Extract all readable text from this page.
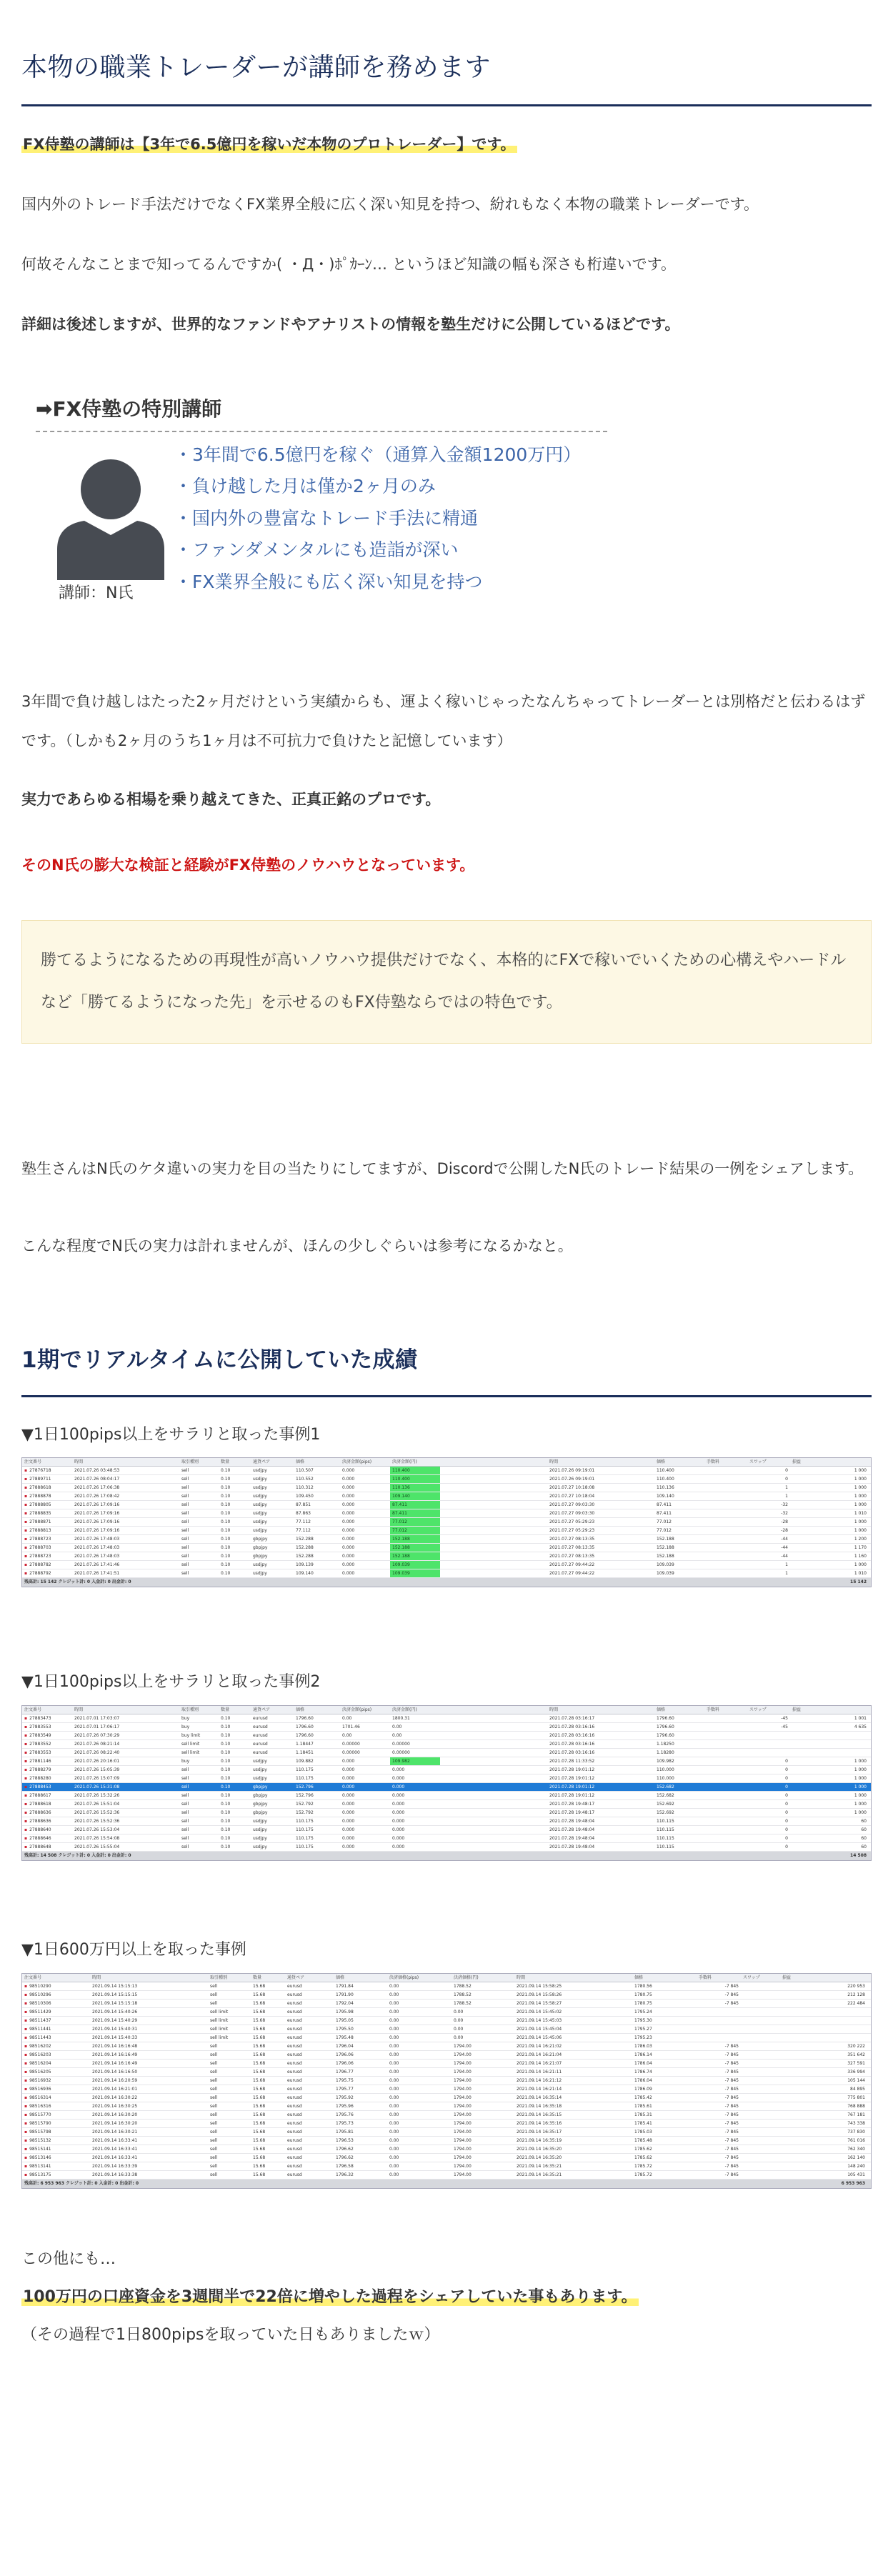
本物の職業トレーダーが講師を務めます

FX侍塾の講師は【3年で6.5億円を稼いだ本物のプロトレーダー】です。

国内外のトレード手法だけでなくFX業界全般に広く深い知見を持つ、紛れもなく本物の職業トレーダーです。

何故そんなことまで知ってるんですか( ・Д・)ﾎﾟｶｰﾝ… というほど知識の幅も深さも桁違いです。

詳細は後述しますが、世界的なファンドやアナリストの情報を塾生だけに公開しているほどです。

➡FX侍塾の特別講師
講師：N氏
・3年間で6.5億円を稼ぐ（通算入金額1200万円）
・負け越した月は僅か2ヶ月のみ
・国内外の豊富なトレード手法に精通
・ファンダメンタルにも造詣が深い
・FX業界全般にも広く深い知見を持つ

3年間で負け越しはたった2ヶ月だけという実績からも、運よく稼いじゃったなんちゃってトレーダーとは別格だと伝わるはずです。（しかも2ヶ月のうち1ヶ月は不可抗力で負けたと記憶しています）

実力であらゆる相場を乗り越えてきた、正真正銘のプロです。

そのN氏の膨大な検証と経験がFX侍塾のノウハウとなっています。

勝てるようになるための再現性が高いノウハウ提供だけでなく、本格的にFXで稼いでいくための心構えやハードルなど「勝てるようになった先」を示せるのもFX侍塾ならではの特色です。

塾生さんはN氏のケタ違いの実力を目の当たりにしてますが、Discordで公開したN氏のトレード結果の一例をシェアします。

こんな程度でN氏の実力は計れませんが、ほんの少しぐらいは参考になるかなと。

1期でリアルタイムに公開していた成績

▼1日100pips以上をサラリと取った事例1

注文番号	時間	取引種別	数量	通貨ペア	価格	決済金額(pips)	決済金額(円)	時間	価格	手数料	スワップ	損益
▪ 27876718	2021.07.26 03:48:53	sell	0.10	usdjpy	110.507	0.000	110.400	2021.07.26 09:19:01	110.400	0	1 000
▪ 27889711	2021.07.26 08:04:17	sell	0.10	usdjpy	110.552	0.000	110.400	2021.07.26 09:19:01	110.400	0	1 000
▪ 27888618	2021.07.26 17:06:38	sell	0.10	usdjpy	110.312	0.000	110.136	2021.07.27 10:18:08	110.136	1	1 000
▪ 27888878	2021.07.26 17:08:42	sell	0.10	usdjpy	109.450	0.000	109.140	2021.07.27 10:18:04	109.140	1	1 000
▪ 27888805	2021.07.26 17:09:16	sell	0.10	usdjpy	87.851	0.000	87.411	2021.07.27 09:03:30	87.411	-32	1 000
▪ 27888835	2021.07.26 17:09:16	sell	0.10	usdjpy	87.863	0.000	87.411	2021.07.27 09:03:30	87.411	-32	1 010
▪ 27888871	2021.07.26 17:09:16	sell	0.10	usdjpy	77.112	0.000	77.012	2021.07.27 05:29:23	77.012	-28	1 000
▪ 27888813	2021.07.26 17:09:16	sell	0.10	usdjpy	77.112	0.000	77.012	2021.07.27 05:29:23	77.012	-28	1 000
▪ 27888723	2021.07.26 17:48:03	sell	0.10	gbpjpy	152.288	0.000	152.188	2021.07.27 08:13:35	152.188	-44	1 200
▪ 27888703	2021.07.26 17:48:03	sell	0.10	gbpjpy	152.288	0.000	152.188	2021.07.27 08:13:35	152.188	-44	1 170
▪ 27888723	2021.07.26 17:48:03	sell	0.10	gbpjpy	152.288	0.000	152.188	2021.07.27 08:13:35	152.188	-44	1 160
▪ 27888782	2021.07.26 17:41:46	sell	0.10	usdjpy	109.139	0.000	109.039	2021.07.27 09:44:22	109.039	1	1 000
▪ 27888792	2021.07.26 17:41:51	sell	0.10	usdjpy	109.140	0.000	109.039	2021.07.27 09:44:22	109.039	1	1 010
残高計: 15 142 クレジット計: 0 入金計: 0 出金計: 0	15 142

▼1日100pips以上をサラリと取った事例2

注文番号	時間	取引種別	数量	通貨ペア	価格	決済金額(pips)	決済金額(円)	時間	価格	手数料	スワップ	損益
▪ 27883473	2021.07.01 17:03:07	buy	0.10	eurusd	1796.60	0.00	1800.31	2021.07.28 03:16:17	1796.60	-45	1 001
▪ 27883553	2021.07.01 17:06:17	buy	0.10	eurusd	1796.60	1701.46	0.00	2021.07.28 03:16:16	1796.60	-45	4 635
▪ 27883549	2021.07.26 07:30:29	buy limit	0.10	eurusd	1796.60	0.00	0.00	2021.07.28 03:16:16	1796.60
▪ 27883552	2021.07.26 08:21:14	sell limit	0.10	eurusd	1.18447	0.00000	0.00000	2021.07.28 03:16:16	1.18250
▪ 27883553	2021.07.26 08:22:40	sell limit	0.10	eurusd	1.18451	0.00000	0.00000	2021.07.28 03:16:16	1.18280
▪ 27881146	2021.07.26 20:16:01	buy	0.10	usdjpy	109.882	0.000	109.982	2021.07.28 11:33:52	109.982	0	1 000
▪ 27888279	2021.07.26 15:05:39	sell	0.10	usdjpy	110.175	0.000	0.000	2021.07.28 19:01:12	110.000	0	1 000
▪ 27888280	2021.07.26 15:07:09	sell	0.10	usdjpy	110.175	0.000	0.000	2021.07.28 19:01:12	110.000	0	1 000
▪ 27888453	2021.07.26 15:31:08	sell	0.10	gbpjpy	152.796	0.000	0.000	2021.07.28 19:01:12	152.682	0	1 000
▪ 27888617	2021.07.26 15:32:26	sell	0.10	gbpjpy	152.796	0.000	0.000	2021.07.28 19:01:12	152.682	0	1 000
▪ 27888618	2021.07.26 15:51:04	sell	0.10	gbpjpy	152.792	0.000	0.000	2021.07.28 19:48:17	152.692	0	1 000
▪ 27888636	2021.07.26 15:52:36	sell	0.10	gbpjpy	152.792	0.000	0.000	2021.07.28 19:48:17	152.692	0	1 000
▪ 27888636	2021.07.26 15:52:36	sell	0.10	usdjpy	110.175	0.000	0.000	2021.07.28 19:48:04	110.115	0	60
▪ 27888640	2021.07.26 15:53:04	sell	0.10	usdjpy	110.175	0.000	0.000	2021.07.28 19:48:04	110.115	0	60
▪ 27888646	2021.07.26 15:54:08	sell	0.10	usdjpy	110.175	0.000	0.000	2021.07.28 19:48:04	110.115	0	60
▪ 27888648	2021.07.26 15:55:04	sell	0.10	usdjpy	110.175	0.000	0.000	2021.07.28 19:48:04	110.115	0	60
残高計: 14 508 クレジット計: 0 入金計: 0 出金計: 0	14 508

▼1日600万円以上を取った事例

注文番号	時間	取引種別	数量	通貨ペア	価格	決済価格(pips)	決済価格(円)	時間	価格	手数料	スワップ	損益
▪ 98510290	2021.09.14 15:15:13	sell	15.68	eurusd	1791.84	0.00	1788.52	2021.09.14 15:58:25	1780.56	-7 845	220 953
▪ 98510296	2021.09.14 15:15:15	sell	15.68	eurusd	1791.90	0.00	1788.52	2021.09.14 15:58:26	1780.75	-7 845	212 128
▪ 98510306	2021.09.14 15:15:18	sell	15.68	eurusd	1792.04	0.00	1788.52	2021.09.14 15:58:27	1780.75	-7 845	222 484
▪ 98511429	2021.09.14 15:40:26	sell limit	15.68	eurusd	1795.98	0.00	0.00	2021.09.14 15:45:02	1795.24
▪ 98511437	2021.09.14 15:40:29	sell limit	15.68	eurusd	1795.05	0.00	0.00	2021.09.14 15:45:03	1795.30
▪ 98511441	2021.09.14 15:40:31	sell limit	15.68	eurusd	1795.50	0.00	0.00	2021.09.14 15:45:04	1795.27
▪ 98511443	2021.09.14 15:40:33	sell limit	15.68	eurusd	1795.48	0.00	0.00	2021.09.14 15:45:06	1795.23
▪ 98516202	2021.09.14 16:16:48	sell	15.68	eurusd	1796.04	0.00	1794.00	2021.09.14 16:21:02	1786.03	-7 845	320 222
▪ 98516203	2021.09.14 16:16:49	sell	15.68	eurusd	1796.06	0.00	1794.00	2021.09.14 16:21:04	1786.14	-7 845	351 642
▪ 98516204	2021.09.14 16:16:49	sell	15.68	eurusd	1796.06	0.00	1794.00	2021.09.14 16:21:07	1786.04	-7 845	327 591
▪ 98516205	2021.09.14 16:16:50	sell	15.68	eurusd	1796.77	0.00	1794.00	2021.09.14 16:21:11	1786.74	-7 845	336 994
▪ 98516932	2021.09.14 16:20:59	sell	15.68	eurusd	1795.75	0.00	1794.00	2021.09.14 16:21:12	1786.04	-7 845	105 144
▪ 98516936	2021.09.14 16:21:01	sell	15.68	eurusd	1795.77	0.00	1794.00	2021.09.14 16:21:14	1786.09	-7 845	84 895
▪ 98516314	2021.09.14 16:30:22	sell	15.68	eurusd	1795.92	0.00	1794.00	2021.09.14 16:35:14	1785.42	-7 845	775 801
▪ 98516316	2021.09.14 16:30:25	sell	15.68	eurusd	1795.96	0.00	1794.00	2021.09.14 16:35:18	1785.61	-7 845	768 888
▪ 98515770	2021.09.14 16:30:20	sell	15.68	eurusd	1795.76	0.00	1794.00	2021.09.14 16:35:15	1785.31	-7 845	767 181
▪ 98515790	2021.09.14 16:30:20	sell	15.68	eurusd	1795.73	0.00	1794.00	2021.09.14 16:35:16	1785.41	-7 845	743 338
▪ 98515798	2021.09.14 16:30:21	sell	15.68	eurusd	1795.81	0.00	1794.00	2021.09.14 16:35:17	1785.03	-7 845	737 830
▪ 98515132	2021.09.14 16:33:41	sell	15.68	eurusd	1796.53	0.00	1794.00	2021.09.14 16:35:19	1785.48	-7 845	761 016
▪ 98515141	2021.09.14 16:33:41	sell	15.68	eurusd	1796.62	0.00	1794.00	2021.09.14 16:35:20	1785.62	-7 845	762 340
▪ 98513146	2021.09.14 16:33:41	sell	15.68	eurusd	1796.62	0.00	1794.00	2021.09.14 16:35:20	1785.62	-7 845	162 140
▪ 98513141	2021.09.14 16:33:39	sell	15.68	eurusd	1796.58	0.00	1794.00	2021.09.14 16:35:21	1785.72	-7 845	148 240
▪ 98513175	2021.09.14 16:33:38	sell	15.68	eurusd	1796.32	0.00	1794.00	2021.09.14 16:35:21	1785.72	-7 845	105 431
残高計: 6 953 963 クレジット計: 0 入金計: 0 出金計: 0	6 953 963

この他にも…

100万円の口座資金を3週間半で22倍に増やした過程をシェアしていた事もあります。

（その過程で1日800pipsを取っていた日もありましたｗ）
